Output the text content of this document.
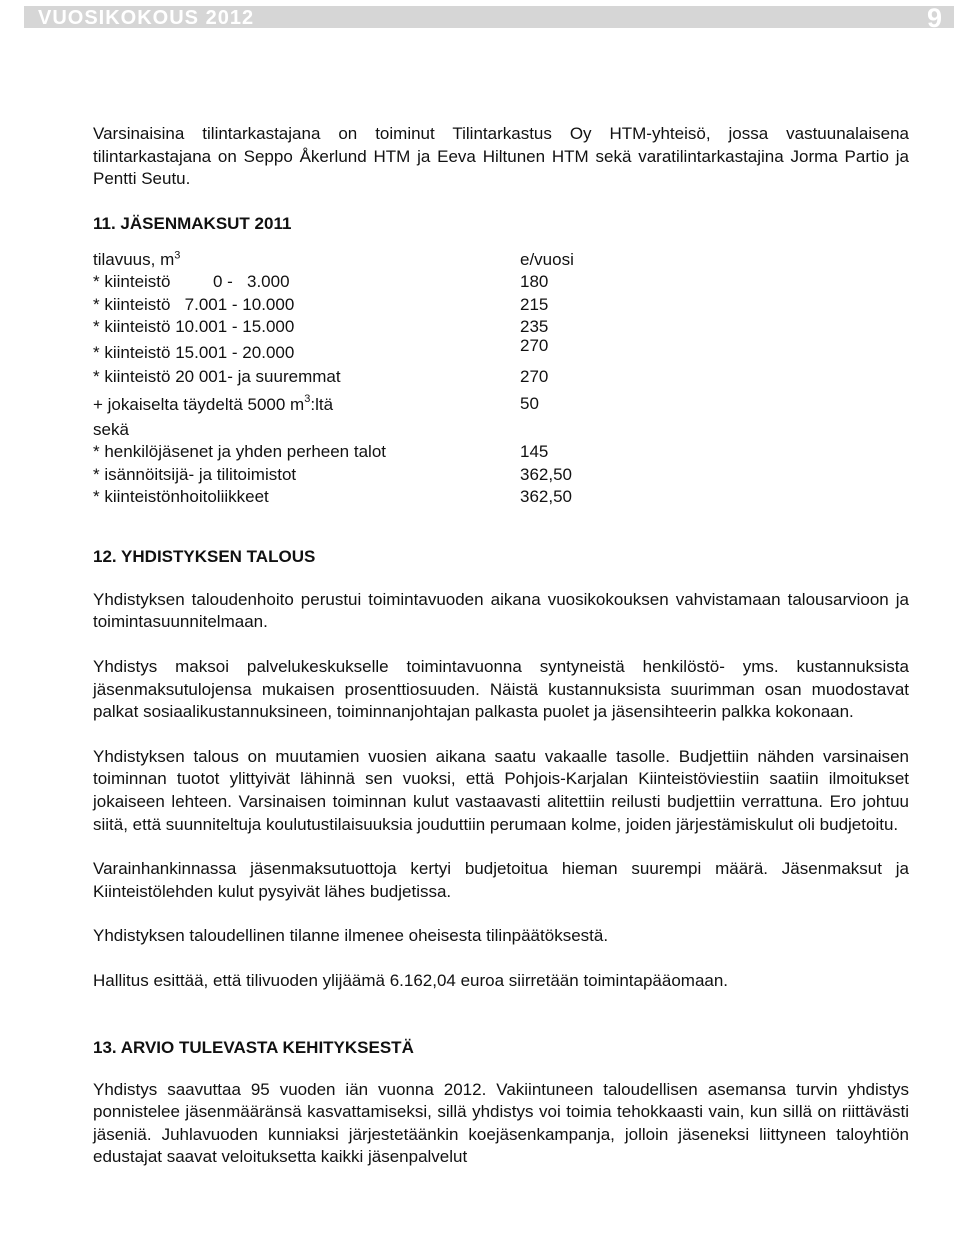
VUOSIKOKOUS 2012	9

Varsinaisina tilintarkastajana on toiminut Tilintarkastus Oy HTM-yhteisö, jossa vastuunalaisena tilintarkastajana on Seppo Åkerlund HTM ja Eeva Hiltunen HTM sekä varatilintarkastajina Jorma Partio ja Pentti Seutu.

11. JÄSENMAKSUT 2011

tilavuus, $m^3$	e/vuosi
* kiinteistö         0 -   3.000	180
* kiinteistö   7.001 - 10.000	215
* kiinteistö 10.001 - 15.000	235
* kiinteistö 15.001 - 20.000	270
* kiinteistö 20 001- ja suuremmat	270
+ jokaiselta täydeltä 5000 $m^3:ltä$	50
sekä
* henkilöjäsenet ja yhden perheen talot	145
* isännöitsijä- ja tilitoimistot	362,50
* kiinteistönhoitoliikkeet	362,50

12. YHDISTYKSEN TALOUS

Yhdistyksen taloudenhoito perustui toimintavuoden aikana vuosikokouksen vahvistamaan talousarvioon ja toimintasuunnitelmaan.

Yhdistys maksoi palvelukeskukselle toimintavuonna syntyneistä henkilöstö- yms. kustannuksista jäsenmaksutulojensa mukaisen prosenttiosuuden. Näistä kustannuksista suurimman osan muodostavat palkat sosiaalikustannuksineen, toiminnanjohtajan palkasta puolet ja jäsensihteerin palkka kokonaan.

Yhdistyksen talous on muutamien vuosien aikana saatu vakaalle tasolle. Budjettiin nähden varsinaisen toiminnan tuotot ylittyivät lähinnä sen vuoksi, että Pohjois-Karjalan Kiinteistöviestiin saatiin ilmoitukset jokaiseen lehteen. Varsinaisen toiminnan kulut vastaavasti alitettiin reilusti budjettiin verrattuna. Ero johtuu siitä, että suunniteltuja koulutustilaisuuksia jouduttiin perumaan kolme, joiden järjestämiskulut oli budjetoitu.

Varainhankinnassa jäsenmaksutuottoja kertyi budjetoitua hieman suurempi määrä. Jäsenmaksut ja Kiinteistölehden kulut pysyivät lähes budjetissa.

Yhdistyksen taloudellinen tilanne ilmenee oheisesta tilinpäätöksestä.

Hallitus esittää, että tilivuoden ylijäämä 6.162,04 euroa siirretään toimintapääomaan.

13. ARVIO TULEVASTA KEHITYKSESTÄ

Yhdistys saavuttaa 95 vuoden iän vuonna 2012. Vakiintuneen taloudellisen asemansa turvin yhdistys ponnistelee jäsenmääränsä kasvattamiseksi, sillä yhdistys voi toimia tehokkaasti vain, kun sillä on riittävästi jäseniä. Juhlavuoden kunniaksi järjestetäänkin koejäsenkampanja, jolloin jäseneksi liittyneen taloyhtiön edustajat saavat veloituksetta kaikki jäsenpalvelut
